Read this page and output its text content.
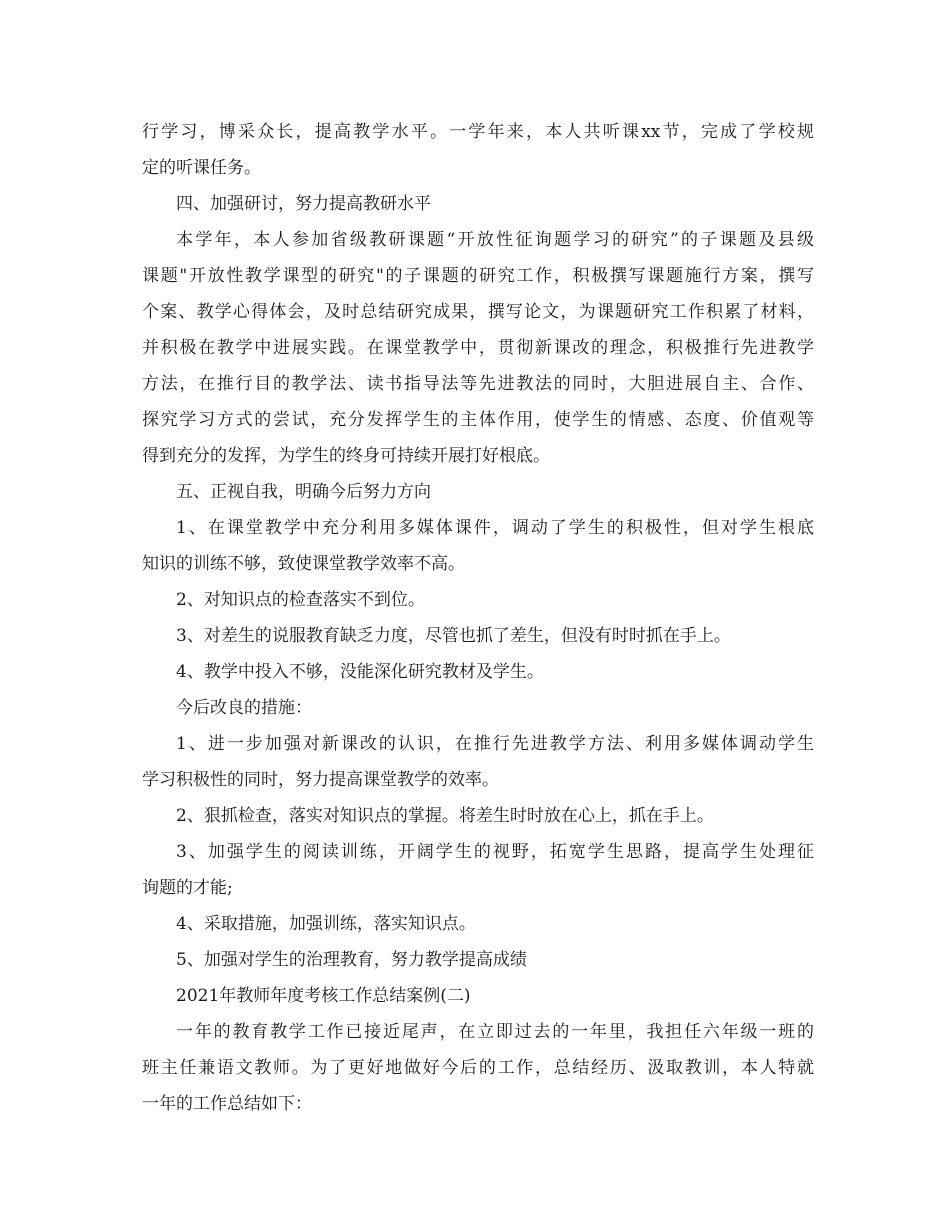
行学习，博采众长，提高教学水平。一学年来，本人共听课xx节，完成了学校规

定的听课任务。

四、加强研讨，努力提高教研水平

本学年，本人参加省级教研课题“开放性征询题学习的研究”的子课题及县级

课题"开放性教学课型的研究"的子课题的研究工作，积极撰写课题施行方案，撰写

个案、教学心得体会，及时总结研究成果，撰写论文，为课题研究工作积累了材料，

并积极在教学中进展实践。在课堂教学中，贯彻新课改的理念，积极推行先进教学

方法，在推行目的教学法、读书指导法等先进教法的同时，大胆进展自主、合作、

探究学习方式的尝试，充分发挥学生的主体作用，使学生的情感、态度、价值观等

得到充分的发挥，为学生的终身可持续开展打好根底。

五、正视自我，明确今后努力方向

1、在课堂教学中充分利用多媒体课件，调动了学生的积极性，但对学生根底

知识的训练不够，致使课堂教学效率不高。

2、对知识点的检查落实不到位。

3、对差生的说服教育缺乏力度，尽管也抓了差生，但没有时时抓在手上。

4、教学中投入不够，没能深化研究教材及学生。

今后改良的措施：

1、进一步加强对新课改的认识，在推行先进教学方法、利用多媒体调动学生

学习积极性的同时，努力提高课堂教学的效率。

2、狠抓检查，落实对知识点的掌握。将差生时时放在心上，抓在手上。

3、加强学生的阅读训练，开阔学生的视野，拓宽学生思路，提高学生处理征

询题的才能;

4、采取措施，加强训练，落实知识点。

5、加强对学生的治理教育，努力教学提高成绩

2021年教师年度考核工作总结案例(二)

一年的教育教学工作已接近尾声，在立即过去的一年里，我担任六年级一班的

班主任兼语文教师。为了更好地做好今后的工作，总结经历、汲取教训，本人特就

一年的工作总结如下：
